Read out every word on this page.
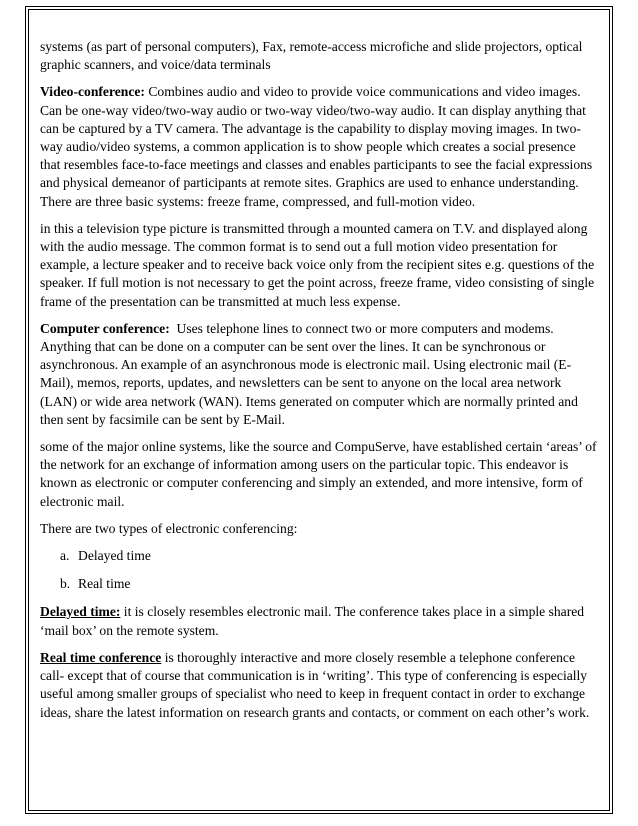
systems (as part of personal computers), Fax, remote-access microfiche and slide projectors, optical graphic scanners, and voice/data terminals

Video-conference: Combines audio and video to provide voice communications and video images. Can be one-way video/two-way audio or two-way video/two-way audio. It can display anything that can be captured by a TV camera. The advantage is the capability to display moving images. In two-way audio/video systems, a common application is to show people which creates a social presence that resembles face-to-face meetings and classes and enables participants to see the facial expressions and physical demeanor of participants at remote sites. Graphics are used to enhance understanding. There are three basic systems: freeze frame, compressed, and full-motion video.

in this a television type picture is transmitted through a mounted camera on T.V. and displayed along with the audio message. The common format is to send out a full motion video presentation for example, a lecture speaker and to receive back voice only from the recipient sites e.g. questions of the speaker. If full motion is not necessary to get the point across, freeze frame, video consisting of single frame of the presentation can be transmitted at much less expense.

Computer conference:  Uses telephone lines to connect two or more computers and modems. Anything that can be done on a computer can be sent over the lines. It can be synchronous or asynchronous. An example of an asynchronous mode is electronic mail. Using electronic mail (E-Mail), memos, reports, updates, and newsletters can be sent to anyone on the local area network (LAN) or wide area network (WAN). Items generated on computer which are normally printed and then sent by facsimile can be sent by E-Mail.

some of the major online systems, like the source and CompuServe, have established certain ‘areas’ of the network for an exchange of information among users on the particular topic. This endeavor is known as electronic or computer conferencing and simply an extended, and more intensive, form of electronic mail.

There are two types of electronic conferencing:

a. Delayed time
b. Real time

Delayed time: it is closely resembles electronic mail. The conference takes place in a simple shared ‘mail box’ on the remote system.

Real time conference is thoroughly interactive and more closely resemble a telephone conference call- except that of course that communication is in ‘writing’. This type of conferencing is especially useful among smaller groups of specialist who need to keep in frequent contact in order to exchange ideas, share the latest information on research grants and contacts, or comment on each other’s work.
